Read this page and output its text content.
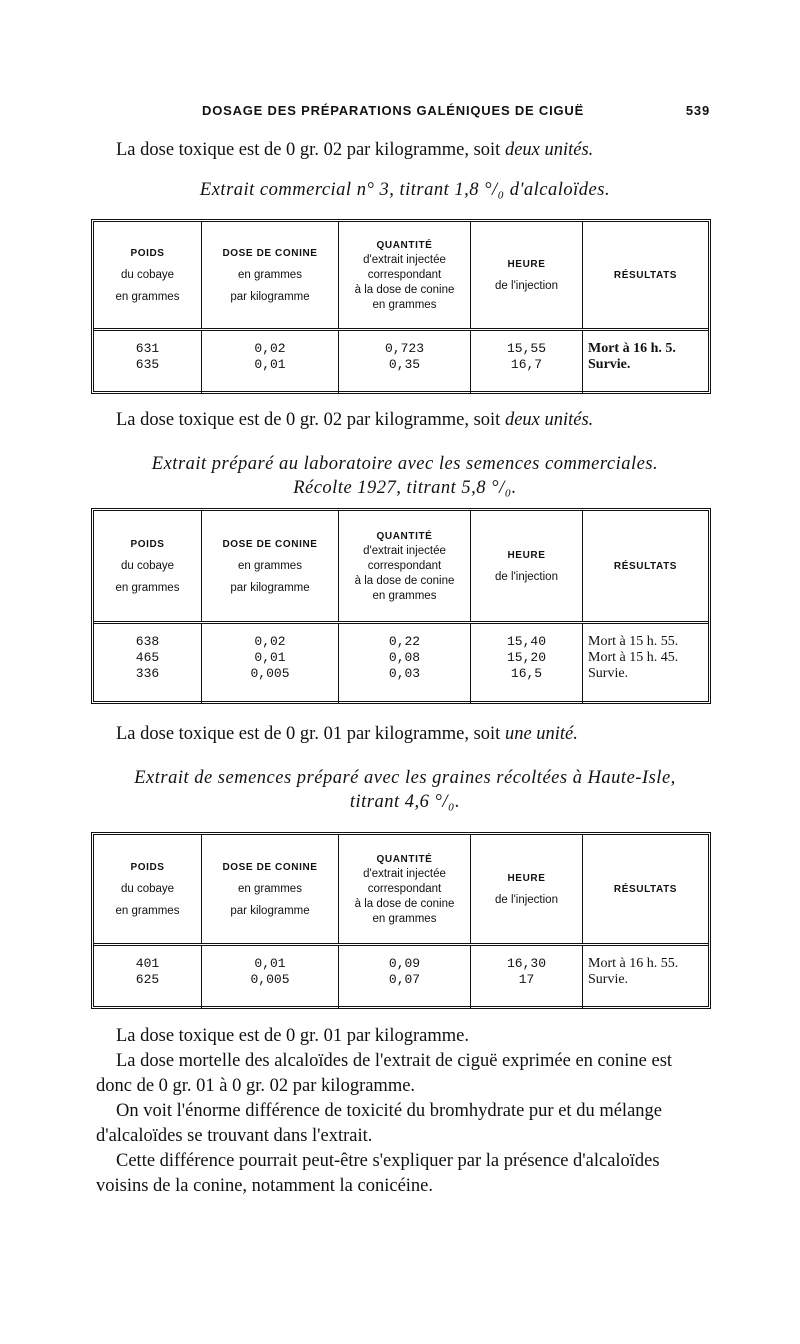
DOSAGE DES PRÉPARATIONS GALÉNIQUES DE CIGUË	539
La dose toxique est de 0 gr. 02 par kilogramme, soit deux unités.
Extrait commercial n° 3, titrant 1,8 °/₀ d'alcaloïdes.
POIDS
du cobaye
en grammes
DOSE DE CONINE
en grammes
par kilogramme
QUANTITÉ
d'extrait injectée
correspondant
à la dose de conine
en grammes
HEURE
de l'injection
RÉSULTATS
631
635
0,02
0,01
0,723
0,35
15,55
16,7
Mort à 16 h. 5.
Survie.
La dose toxique est de 0 gr. 02 par kilogramme, soit deux unités.
Extrait préparé au laboratoire avec les semences commerciales.
Récolte 1927, titrant 5,8 °/₀.
POIDS
du cobaye
en grammes
DOSE DE CONINE
en grammes
par kilogramme
QUANTITÉ
d'extrait injectée
correspondant
à la dose de conine
en grammes
HEURE
de l'injection
RÉSULTATS
638
465
336
0,02
0,01
0,005
0,22
0,08
0,03
15,40
15,20
16,5
Mort à 15 h. 55.
Mort à 15 h. 45.
Survie.
La dose toxique est de 0 gr. 01 par kilogramme, soit une unité.
Extrait de semences préparé avec les graines récoltées à Haute-Isle,
titrant 4,6 °/₀.
POIDS
du cobaye
en grammes
DOSE DE CONINE
en grammes
par kilogramme
QUANTITÉ
d'extrait injectée
correspondant
à la dose de conine
en grammes
HEURE
de l'injection
RÉSULTATS
401
625
0,01
0,005
0,09
0,07
16,30
17
Mort à 16 h. 55.
Survie.

La dose toxique est de 0 gr. 01 par kilogramme.

La dose mortelle des alcaloïdes de l'extrait de ciguë exprimée en conine est donc de 0 gr. 01 à 0 gr. 02 par kilogramme.

On voit l'énorme différence de toxicité du bromhydrate pur et du mélange d'alcaloïdes se trouvant dans l'extrait.

Cette différence pourrait peut-être s'expliquer par la présence d'alcaloïdes voisins de la conine, notamment la conicéine.
